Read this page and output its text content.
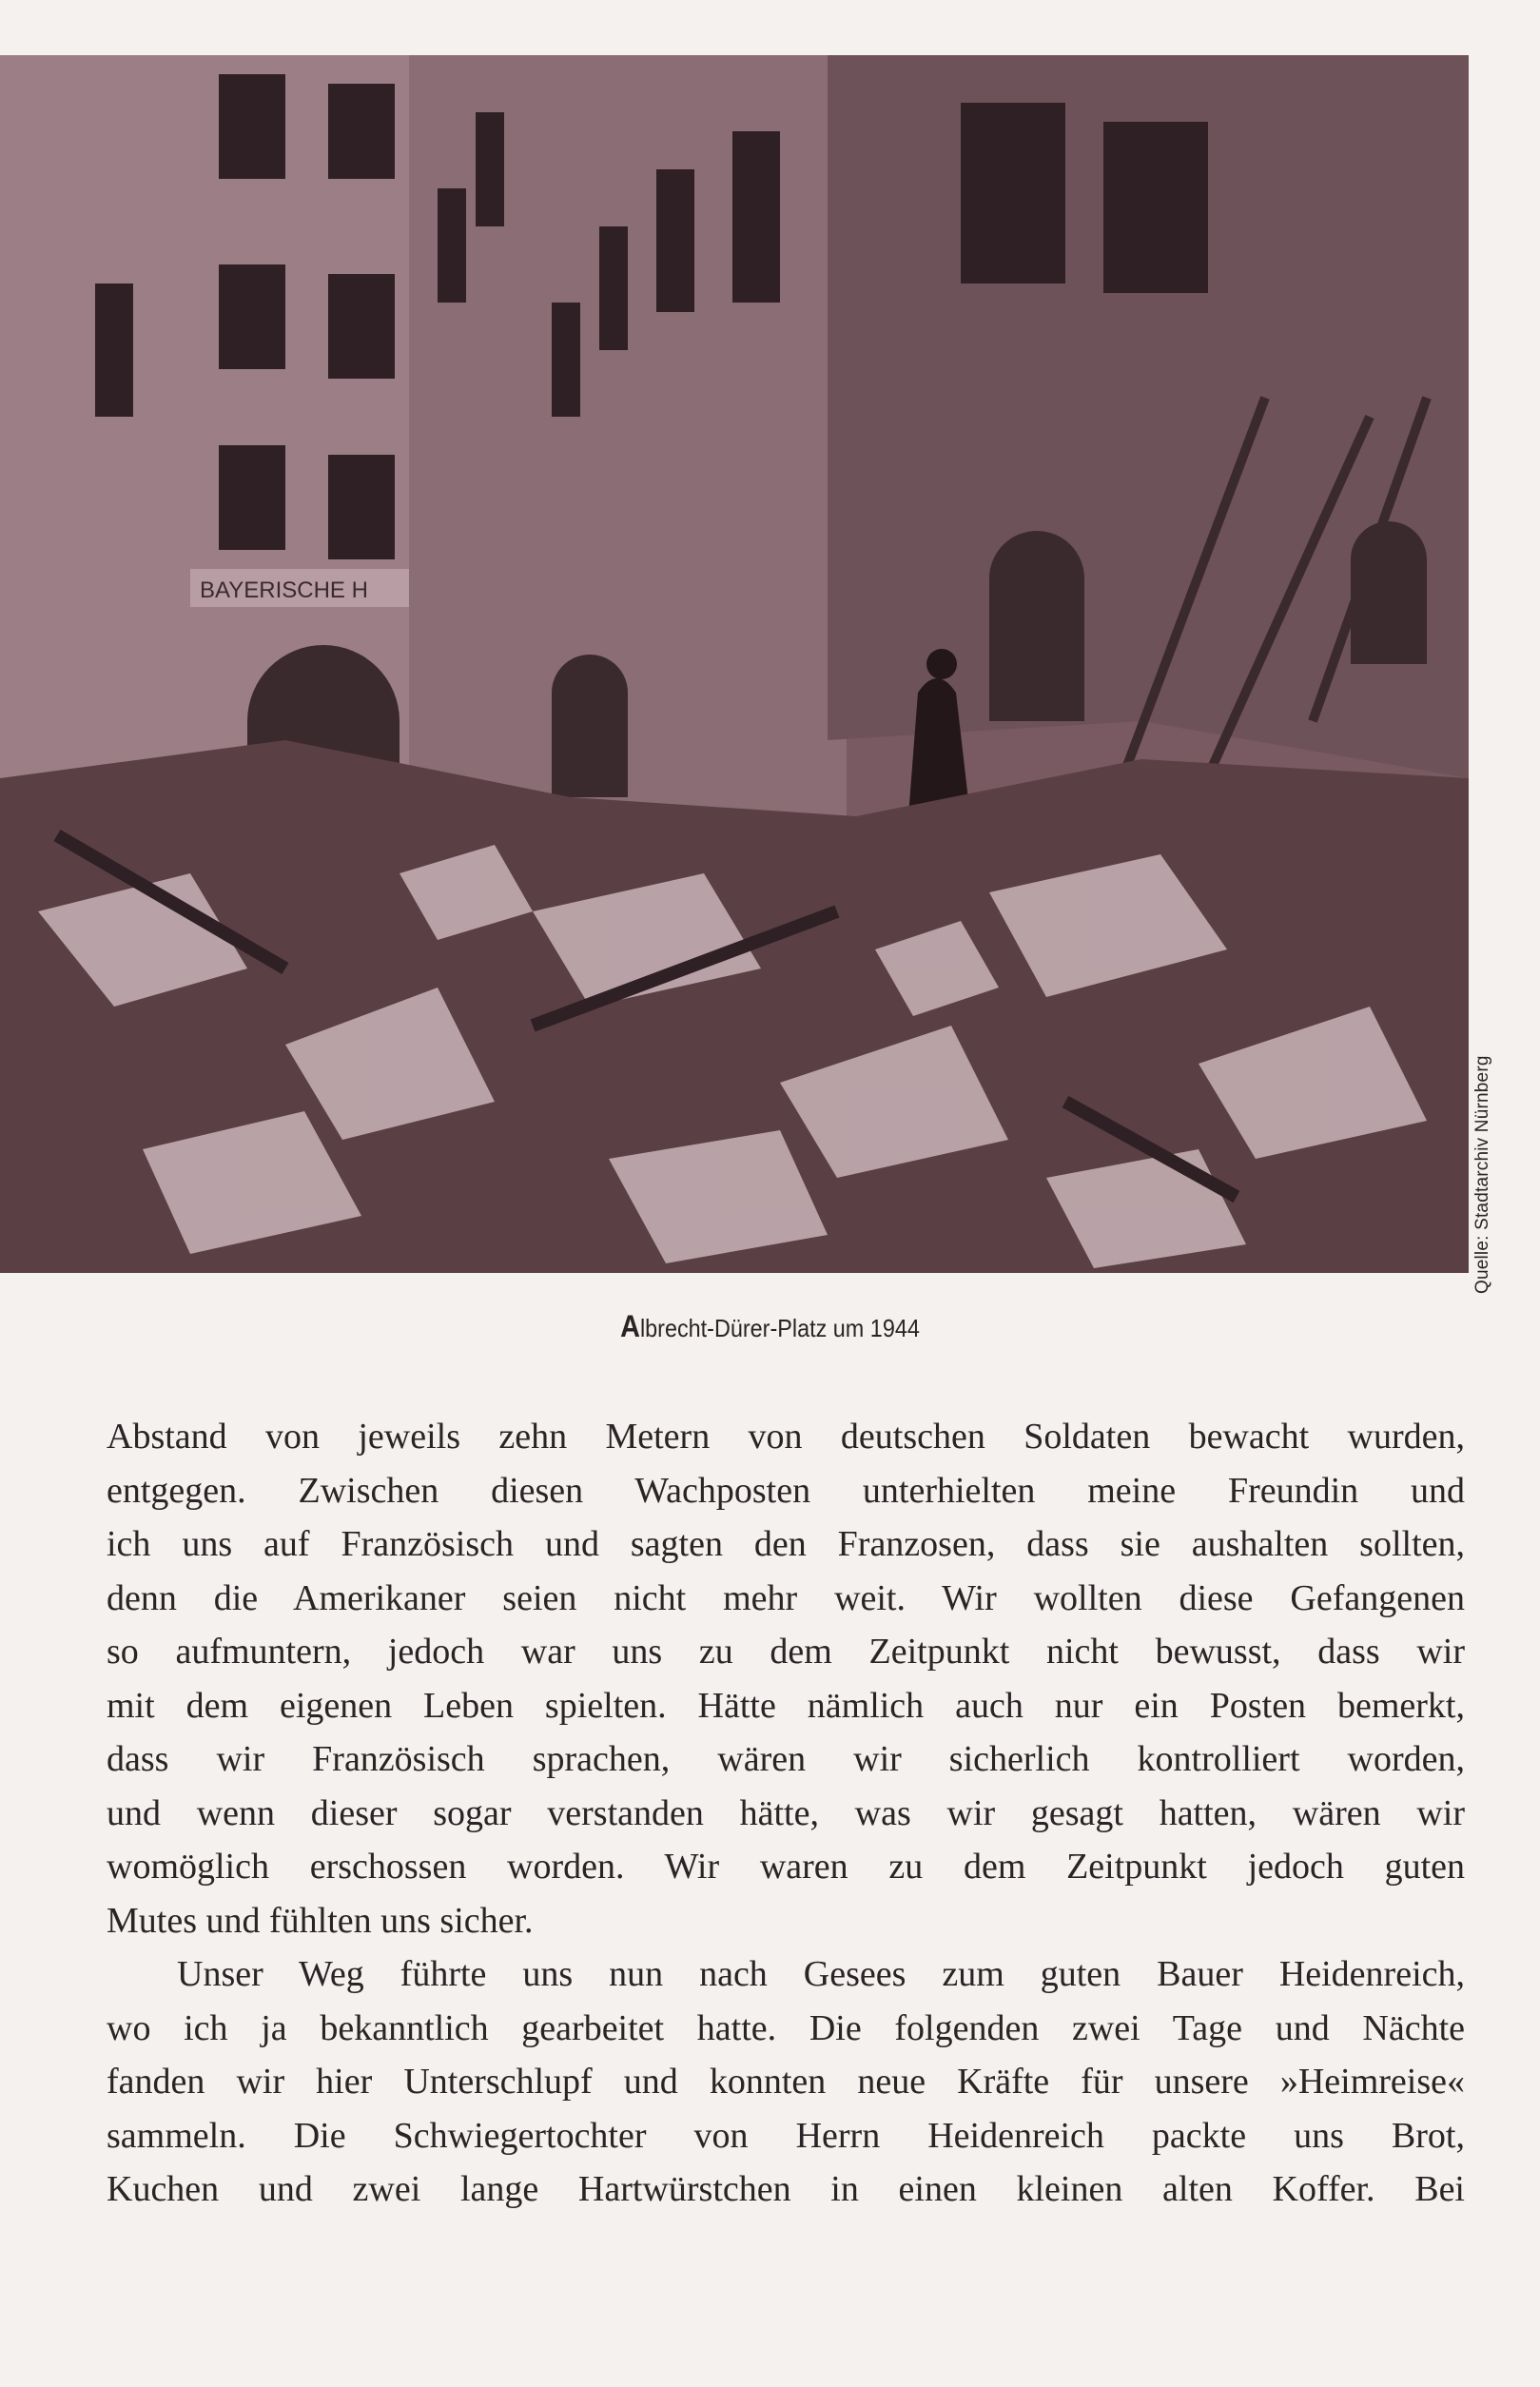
BAYERISCHE H
Quelle: Stadtarchiv Nürnberg
Albrecht-Dürer-Platz um 1944
Abstand von jeweils zehn Metern von deutschen Soldaten bewacht wurden,
entgegen. Zwischen diesen Wachposten unterhielten meine Freundin und
ich uns auf Französisch und sagten den Franzosen, dass sie aushalten sollten,
denn die Amerikaner seien nicht mehr weit. Wir wollten diese Gefangenen
so aufmuntern, jedoch war uns zu dem Zeitpunkt nicht bewusst, dass wir
mit dem eigenen Leben spielten. Hätte nämlich auch nur ein Posten bemerkt,
dass wir Französisch sprachen, wären wir sicherlich kontrolliert worden,
und wenn dieser sogar verstanden hätte, was wir gesagt hatten, wären wir
womöglich erschossen worden. Wir waren zu dem Zeitpunkt jedoch guten
Mutes und fühlten uns sicher.
Unser Weg führte uns nun nach Gesees zum guten Bauer Heidenreich,
wo ich ja bekanntlich gearbeitet hatte. Die folgenden zwei Tage und Nächte
fanden wir hier Unterschlupf und konnten neue Kräfte für unsere »Heimreise«
sammeln. Die Schwiegertochter von Herrn Heidenreich packte uns Brot,
Kuchen und zwei lange Hartwürstchen in einen kleinen alten Koffer. Bei
